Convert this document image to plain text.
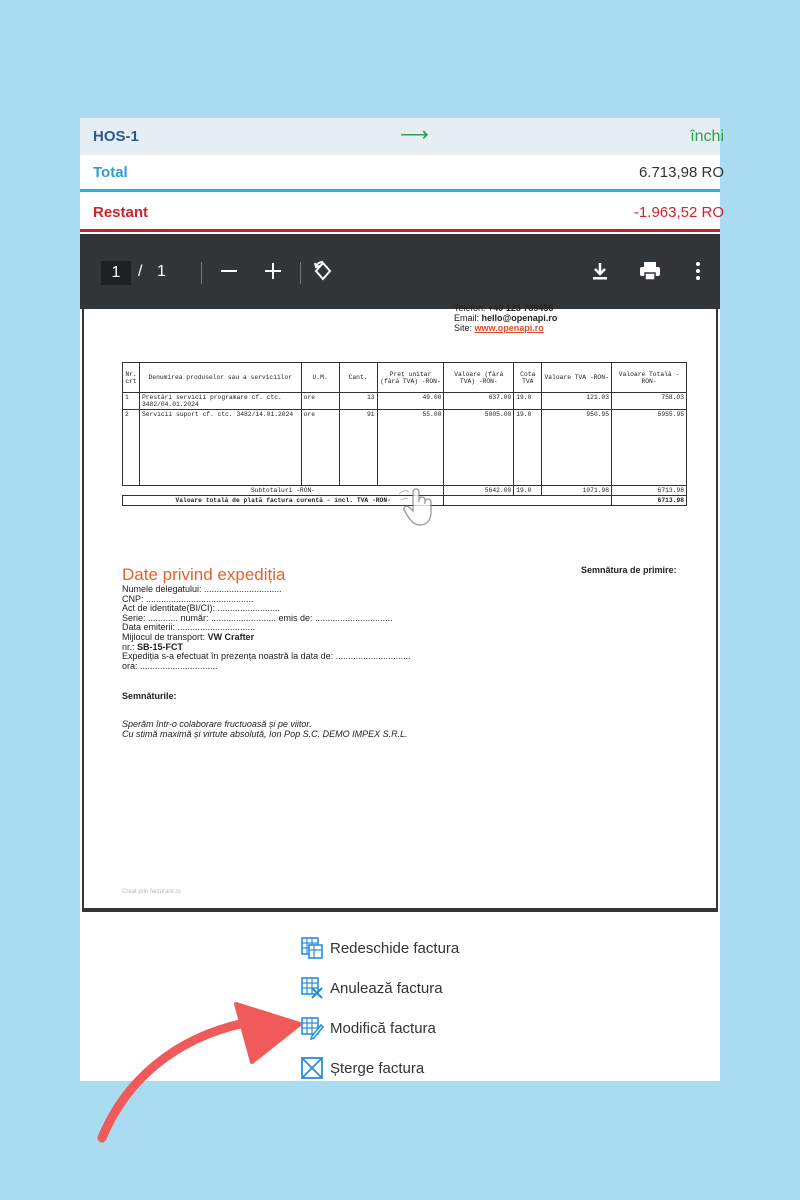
HOS-1	⟶	închi
Total	6.713,98 RO
Restant	-1.963,52 RO
1	/ 1
Telefon: +40 123 789456
Email: hello@openapi.ro
Site: www.openapi.ro
Nr. crt	Denumirea produselor sau a serviciilor	U.M.	Cant.	Preț unitar (fără TVA) -RON-	Valoare (fără TVA) -RON-	Cota TVA	Valoare TVA -RON-	Valoare Totală -RON-
1	Prestări servicii programare cf. ctc. 3482/04.01.2024	ore	13	49.00	637.00	19.0	121.03	758.03
2	Servicii suport cf. ctc. 3482/14.01.2024	ore	91	55.00	5005.00	19.0	950.95	5955.95
Subtotaluri -RON-					5642.00	19.0	1071.98	6713.98
Valoare totală de plată factura curentă - incl. TVA -RON-								6713.98
Date privind expediția	Semnătura de primire:
Numele delegatului: ...............................
CNP: ...........................................
Act de identitate(BI/CI): .........................
Serie: ............ număr: .......................... emis de: ...............................
Data emiterii: ...............................
Mijlocul de transport: VW Crafter
nr.: SB-15-FCT
Expediția s-a efectuat în prezența noastră la data de: ..............................
ora: ...............................
Semnăturile:
Sperăm într-o colaborare fructuoasă și pe viitor.
Cu stimă maximă și virtute absolută, Ion Pop S.C. DEMO IMPEX S.R.L.
Creat prin facturare.ro
Redeschide factura
Anulează factura
Modifică factura
Șterge factura
